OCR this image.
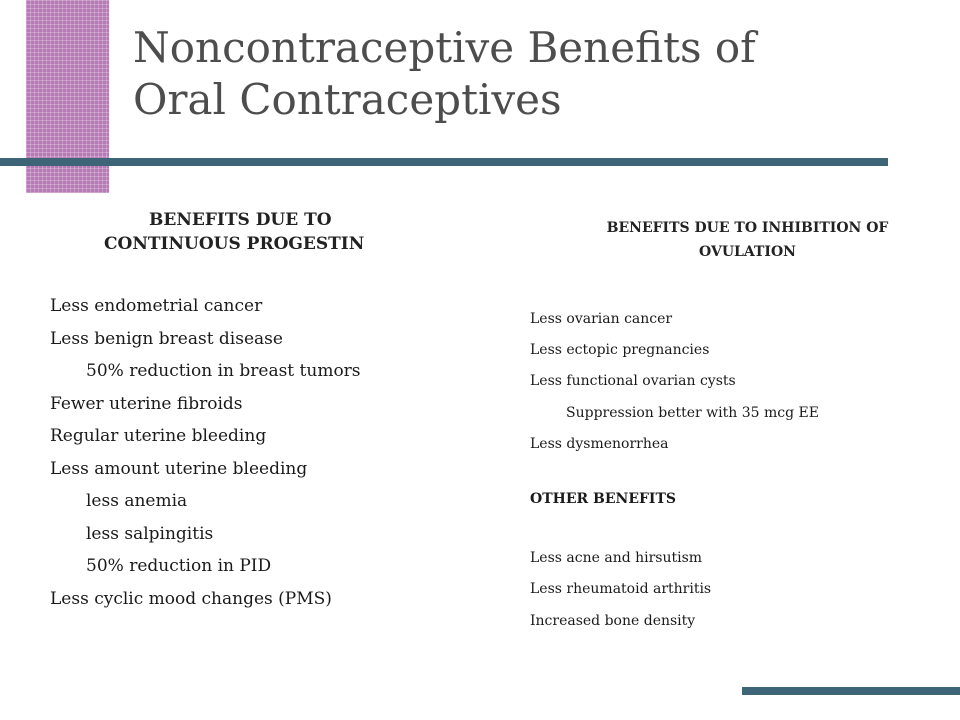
Noncontraceptive Benefits of
Oral Contraceptives
BENEFITS DUE TO
CONTINUOUS PROGESTIN
Less endometrial cancer
Less benign breast disease
50% reduction in breast tumors
Fewer uterine fibroids
Regular uterine bleeding
Less amount uterine bleeding
less anemia
less salpingitis
50% reduction in PID
Less cyclic mood changes (PMS)
BENEFITS DUE TO INHIBITION OF
OVULATION
Less ovarian cancer
Less ectopic pregnancies
Less functional ovarian cysts
Suppression better with 35 mcg EE
Less dysmenorrhea
OTHER BENEFITS
Less acne and hirsutism
Less rheumatoid arthritis
Increased bone density
